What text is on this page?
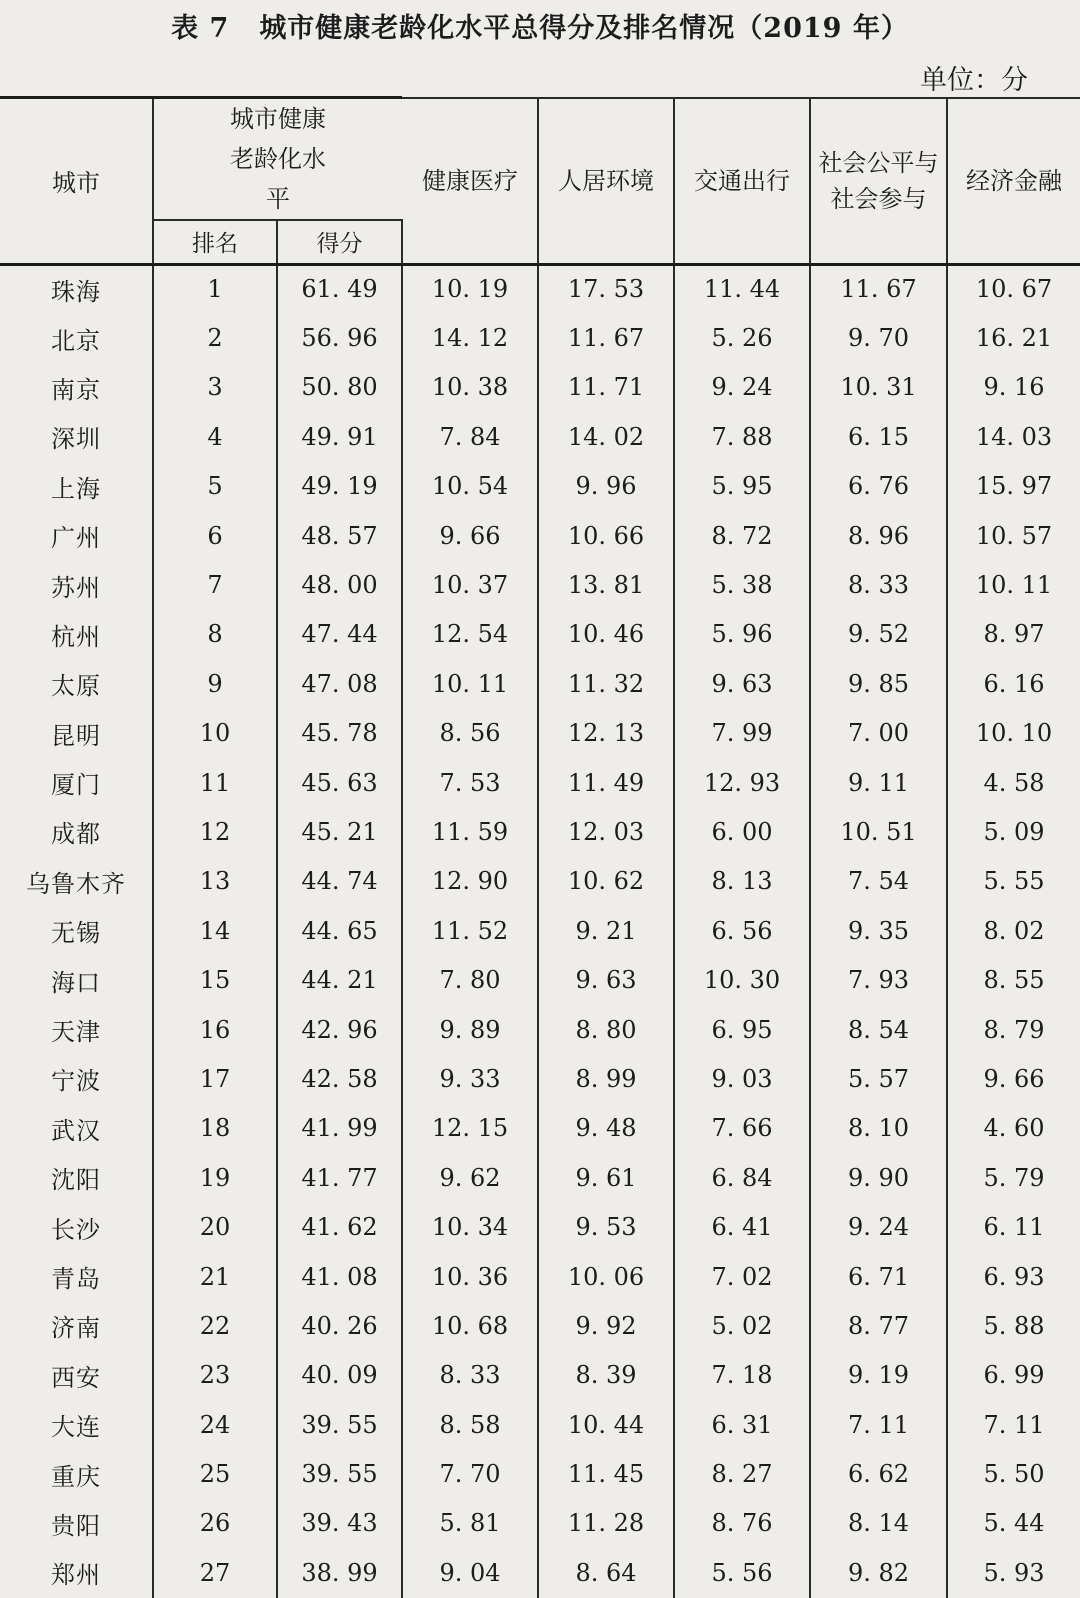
表 7 城市健康老龄化水平总得分及排名情况（2019 年）
单位：分
城市	城市健康老龄化水平		健康医疗	人居环境	交通出行	社会公平与社会参与	经济金融
	排名	得分					
珠海	1	61. 49	10. 19	17. 53	11. 44	11. 67	10. 67
北京	2	56. 96	14. 12	11. 67	5. 26	9. 70	16. 21
南京	3	50. 80	10. 38	11. 71	9. 24	10. 31	9. 16
深圳	4	49. 91	7. 84	14. 02	7. 88	6. 15	14. 03
上海	5	49. 19	10. 54	9. 96	5. 95	6. 76	15. 97
广州	6	48. 57	9. 66	10. 66	8. 72	8. 96	10. 57
苏州	7	48. 00	10. 37	13. 81	5. 38	8. 33	10. 11
杭州	8	47. 44	12. 54	10. 46	5. 96	9. 52	8. 97
太原	9	47. 08	10. 11	11. 32	9. 63	9. 85	6. 16
昆明	10	45. 78	8. 56	12. 13	7. 99	7. 00	10. 10
厦门	11	45. 63	7. 53	11. 49	12. 93	9. 11	4. 58
成都	12	45. 21	11. 59	12. 03	6. 00	10. 51	5. 09
乌鲁木齐	13	44. 74	12. 90	10. 62	8. 13	7. 54	5. 55
无锡	14	44. 65	11. 52	9. 21	6. 56	9. 35	8. 02
海口	15	44. 21	7. 80	9. 63	10. 30	7. 93	8. 55
天津	16	42. 96	9. 89	8. 80	6. 95	8. 54	8. 79
宁波	17	42. 58	9. 33	8. 99	9. 03	5. 57	9. 66
武汉	18	41. 99	12. 15	9. 48	7. 66	8. 10	4. 60
沈阳	19	41. 77	9. 62	9. 61	6. 84	9. 90	5. 79
长沙	20	41. 62	10. 34	9. 53	6. 41	9. 24	6. 11
青岛	21	41. 08	10. 36	10. 06	7. 02	6. 71	6. 93
济南	22	40. 26	10. 68	9. 92	5. 02	8. 77	5. 88
西安	23	40. 09	8. 33	8. 39	7. 18	9. 19	6. 99
大连	24	39. 55	8. 58	10. 44	6. 31	7. 11	7. 11
重庆	25	39. 55	7. 70	11. 45	8. 27	6. 62	5. 50
贵阳	26	39. 43	5. 81	11. 28	8. 76	8. 14	5. 44
郑州	27	38. 99	9. 04	8. 64	5. 56	9. 82	5. 93
